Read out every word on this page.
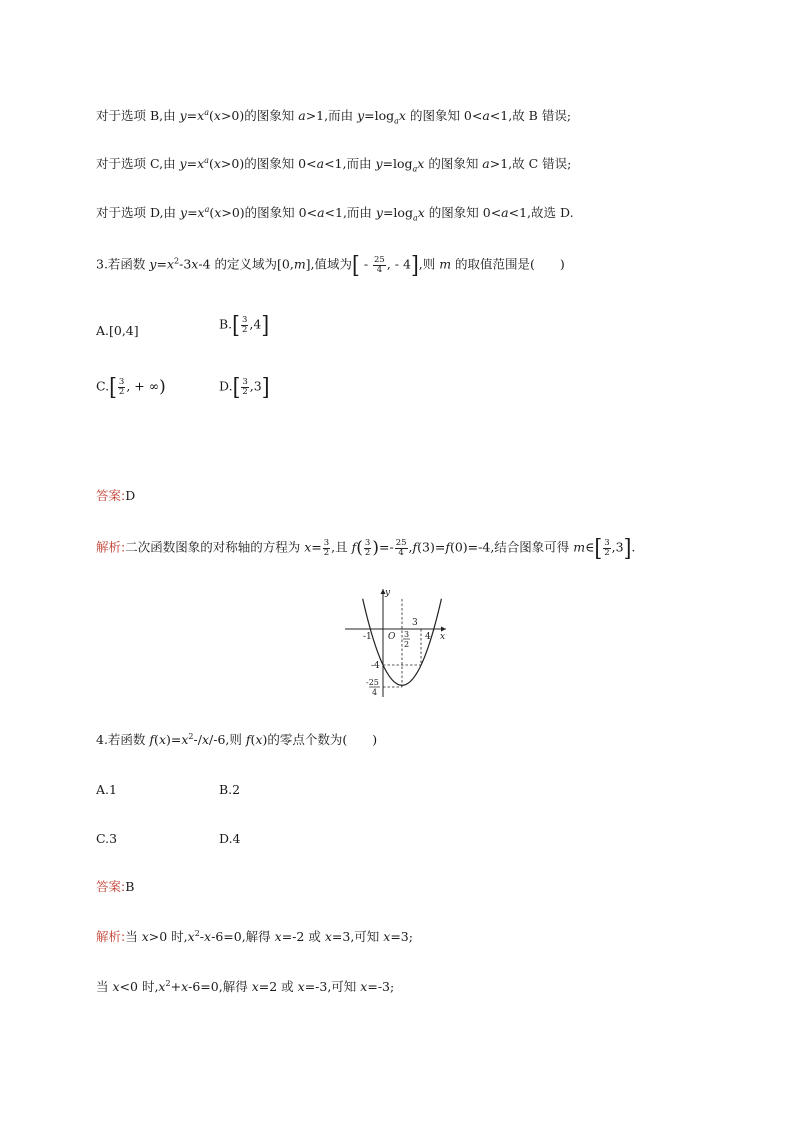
对于选项 B,由 $y=x^a(x>0)$的图象知 a>1,而由 $y=\log_ax$ 的图象知 0<a<1,故 B 错误;
对于选项 C,由 $y=x^a(x>0)$的图象知 0<a<1,而由 $y=\log_ax$ 的图象知 a>1,故 C 错误;
对于选项 D,由 $y=x^a(x>0)$的图象知 0<a<1,而由 $y=\log_ax$ 的图象知 0<a<1,故选 D.
3.若函数 $y=x^2-3x-4$ 的定义域为[0,m],值域为[ - $\frac{25}{4}$ , - 4],则 m 的取值范围是(　　)
A.[0,4]	$B.[ \frac{3}{2} ,4]$
$C.[ \frac{3}{2}$ , + ∞)	$D.[ \frac{3}{2} ,3]$
答案:D
解析:二次函数图象的对称轴的方程为 $x= \frac{3}{2}$ ,且 $f( \frac{3}{2}$ )=- $\frac{25}{4} ,f(3)=f(0)=-4$,结合图象可得 m∈[ $\frac{3}{2} ,3$].
y
x
O
-1
3
4
3
2
-4
-25
4
4.若函数 $f(x)=x^2-/x/-6$,则 f(x)的零点个数为(　　)
A.1	B.2
C.3	D.4
答案:B
解析:当 x>0 时$,x^2-x-6=0$,解得 x=-2 或 x=3,可知 x=3;
当 x<0 时$,x^2+x-6=0$,解得 x=2 或 x=-3,可知 x=-3;
